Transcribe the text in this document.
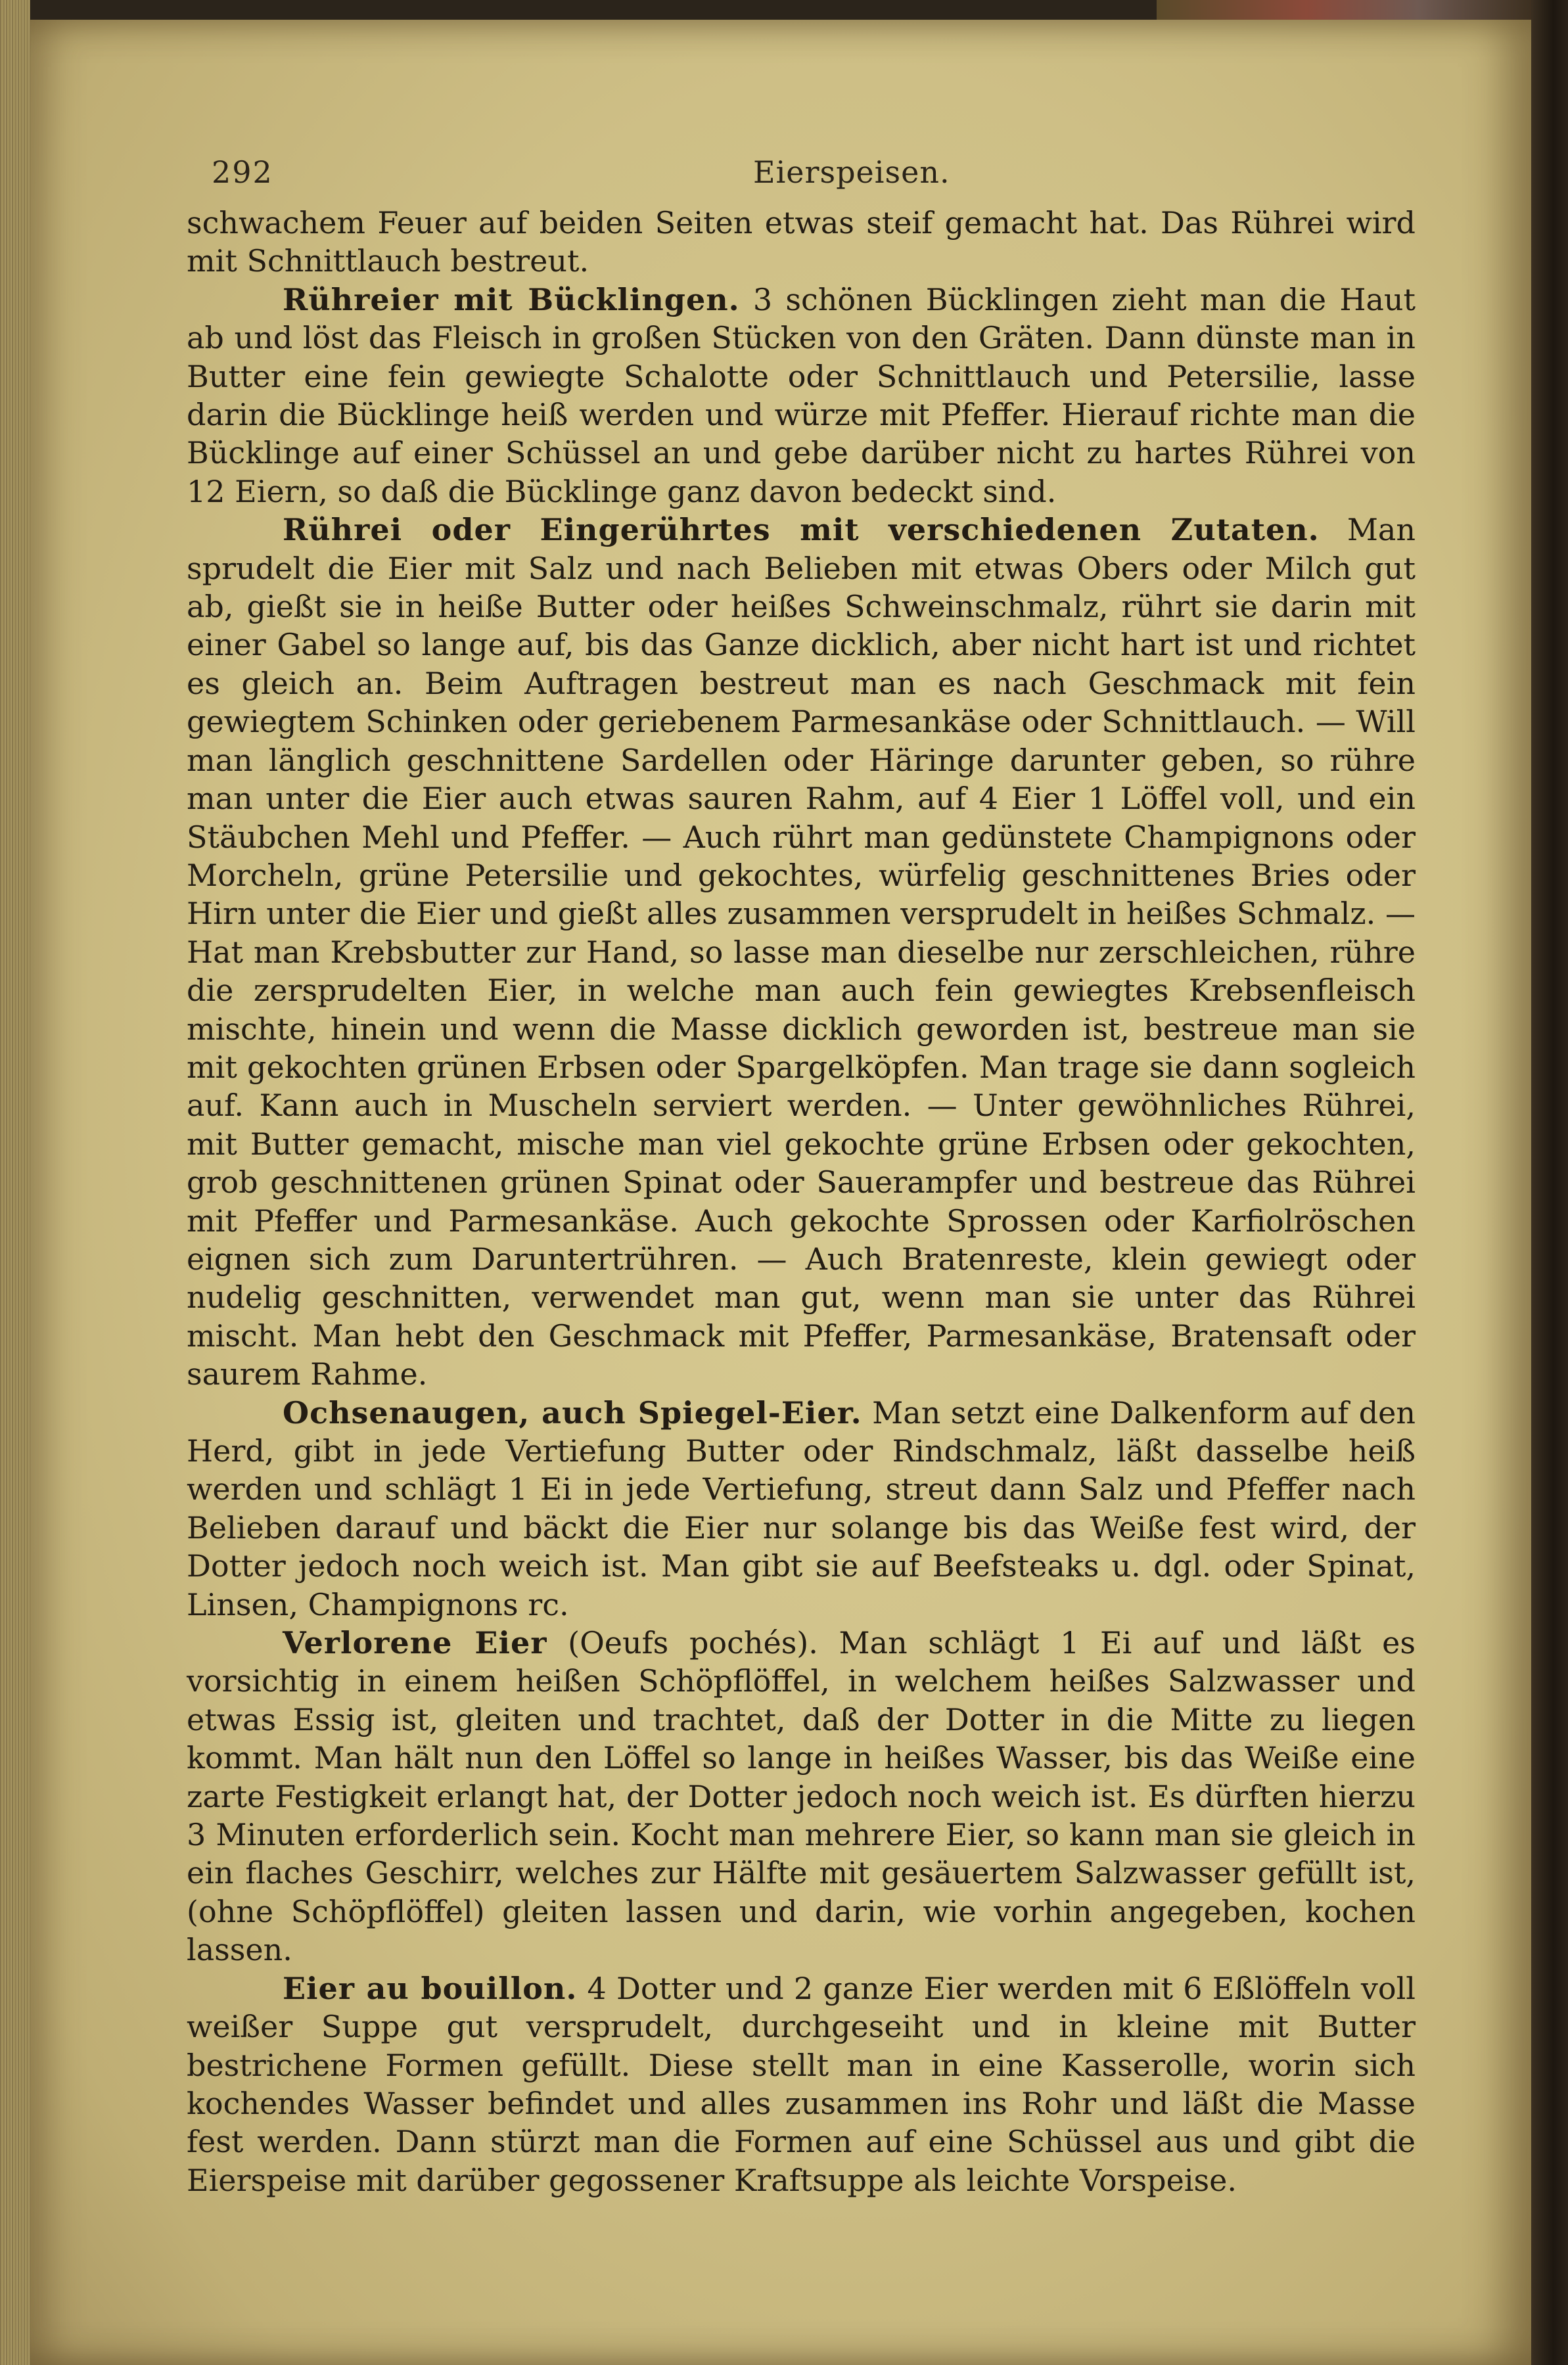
292	Eierspeisen.

schwachem Feuer auf beiden Seiten etwas steif gemacht hat. Das Rührei wird mit Schnittlauch bestreut.

Rühreier mit Bücklingen. 3 schönen Bücklingen zieht man die Haut ab und löst das Fleisch in großen Stücken von den Gräten. Dann dünste man in Butter eine fein gewiegte Schalotte oder Schnittlauch und Petersilie, lasse darin die Bücklinge heiß werden und würze mit Pfeffer. Hierauf richte man die Bücklinge auf einer Schüssel an und gebe darüber nicht zu hartes Rührei von 12 Eiern, so daß die Bücklinge ganz davon bedeckt sind.

Rührei oder Eingerührtes mit verschiedenen Zutaten. Man sprudelt die Eier mit Salz und nach Belieben mit etwas Obers oder Milch gut ab, gießt sie in heiße Butter oder heißes Schweinschmalz, rührt sie darin mit einer Gabel so lange auf, bis das Ganze dicklich, aber nicht hart ist und richtet es gleich an. Beim Auftragen bestreut man es nach Geschmack mit fein gewiegtem Schinken oder geriebenem Parmesankäse oder Schnittlauch. — Will man länglich geschnittene Sardellen oder Häringe darunter geben, so rühre man unter die Eier auch etwas sauren Rahm, auf 4 Eier 1 Löffel voll, und ein Stäubchen Mehl und Pfeffer. — Auch rührt man gedünstete Champignons oder Morcheln, grüne Petersilie und gekochtes, würfelig geschnittenes Bries oder Hirn unter die Eier und gießt alles zusammen versprudelt in heißes Schmalz. — Hat man Krebsbutter zur Hand, so lasse man dieselbe nur zerschleichen, rühre die zersprudelten Eier, in welche man auch fein gewiegtes Krebsenfleisch mischte, hinein und wenn die Masse dicklich geworden ist, bestreue man sie mit gekochten grünen Erbsen oder Spargelköpfen. Man trage sie dann sogleich auf. Kann auch in Muscheln serviert werden. — Unter gewöhnliches Rührei, mit Butter gemacht, mische man viel gekochte grüne Erbsen oder gekochten, grob geschnittenen grünen Spinat oder Sauerampfer und bestreue das Rührei mit Pfeffer und Parmesankäse. Auch gekochte Sprossen oder Karfiolröschen eignen sich zum Daruntertrühren. — Auch Bratenreste, klein gewiegt oder nudelig geschnitten, verwendet man gut, wenn man sie unter das Rührei mischt. Man hebt den Geschmack mit Pfeffer, Parmesankäse, Bratensaft oder saurem Rahme.

Ochsenaugen, auch Spiegel-Eier. Man setzt eine Dalkenform auf den Herd, gibt in jede Vertiefung Butter oder Rindschmalz, läßt dasselbe heiß werden und schlägt 1 Ei in jede Vertiefung, streut dann Salz und Pfeffer nach Belieben darauf und bäckt die Eier nur solange bis das Weiße fest wird, der Dotter jedoch noch weich ist. Man gibt sie auf Beefsteaks u. dgl. oder Spinat, Linsen, Champignons rc.

Verlorene Eier (Oeufs pochés). Man schlägt 1 Ei auf und läßt es vorsichtig in einem heißen Schöpflöffel, in welchem heißes Salzwasser und etwas Essig ist, gleiten und trachtet, daß der Dotter in die Mitte zu liegen kommt. Man hält nun den Löffel so lange in heißes Wasser, bis das Weiße eine zarte Festigkeit erlangt hat, der Dotter jedoch noch weich ist. Es dürften hierzu 3 Minuten erforderlich sein. Kocht man mehrere Eier, so kann man sie gleich in ein flaches Geschirr, welches zur Hälfte mit gesäuertem Salzwasser gefüllt ist, (ohne Schöpflöffel) gleiten lassen und darin, wie vorhin angegeben, kochen lassen.

Eier au bouillon. 4 Dotter und 2 ganze Eier werden mit 6 Eßlöffeln voll weißer Suppe gut versprudelt, durchgeseiht und in kleine mit Butter bestrichene Formen gefüllt. Diese stellt man in eine Kasserolle, worin sich kochendes Wasser befindet und alles zusammen ins Rohr und läßt die Masse fest werden. Dann stürzt man die Formen auf eine Schüssel aus und gibt die Eierspeise mit darüber gegossener Kraftsuppe als leichte Vorspeise.
